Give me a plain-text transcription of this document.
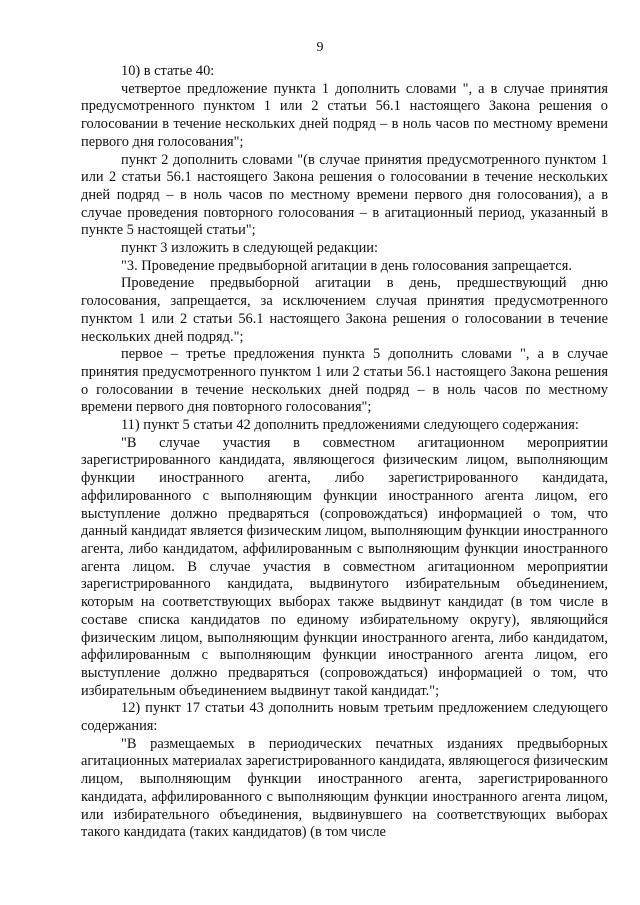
9

10) в статье 40:

четвертое предложение пункта 1 дополнить словами ", а в случае принятия предусмотренного пунктом 1 или 2 статьи 56.1 настоящего Закона решения о голосовании в течение нескольких дней подряд – в ноль часов по местному времени первого дня голосования";

пункт 2 дополнить словами "(в случае принятия предусмотренного пунктом 1 или 2 статьи 56.1 настоящего Закона решения о голосовании в течение нескольких дней подряд – в ноль часов по местному времени первого дня голосования), а в случае проведения повторного голосования – в агитационный период, указанный в пункте 5 настоящей статьи";

пункт 3 изложить в следующей редакции:

"3. Проведение предвыборной агитации в день голосования запрещается.

Проведение предвыборной агитации в день, предшествующий дню голосования, запрещается, за исключением случая принятия предусмотренного пунктом 1 или 2 статьи 56.1 настоящего Закона решения о голосовании в течение нескольких дней подряд.";

первое – третье предложения пункта 5 дополнить словами ", а в случае принятия предусмотренного пунктом 1 или 2 статьи 56.1 настоящего Закона решения о голосовании в течение нескольких дней подряд – в ноль часов по местному времени первого дня повторного голосования";

11) пункт 5 статьи 42 дополнить предложениями следующего содержания:

"В случае участия в совместном агитационном мероприятии зарегистрированного кандидата, являющегося физическим лицом, выполняющим функции иностранного агента, либо зарегистрированного кандидата, аффилированного с выполняющим функции иностранного агента лицом, его выступление должно предваряться (сопровождаться) информацией о том, что данный кандидат является физическим лицом, выполняющим функции иностранного агента, либо кандидатом, аффилированным с выполняющим функции иностранного агента лицом. В случае участия в совместном агитационном мероприятии зарегистрированного кандидата, выдвинутого избирательным объединением, которым на соответствующих выборах также выдвинут кандидат (в том числе в составе списка кандидатов по единому избирательному округу), являющийся физическим лицом, выполняющим функции иностранного агента, либо кандидатом, аффилированным с выполняющим функции иностранного агента лицом, его выступление должно предваряться (сопровождаться) информацией о том, что избирательным объединением выдвинут такой кандидат.";

12) пункт 17 статьи 43 дополнить новым третьим предложением следующего содержания:

"В размещаемых в периодических печатных изданиях предвыборных агитационных материалах зарегистрированного кандидата, являющегося физическим лицом, выполняющим функции иностранного агента, зарегистрированного кандидата, аффилированного с выполняющим функции иностранного агента лицом, или избирательного объединения, выдвинувшего на соответствующих выборах такого кандидата (таких кандидатов) (в том числе
